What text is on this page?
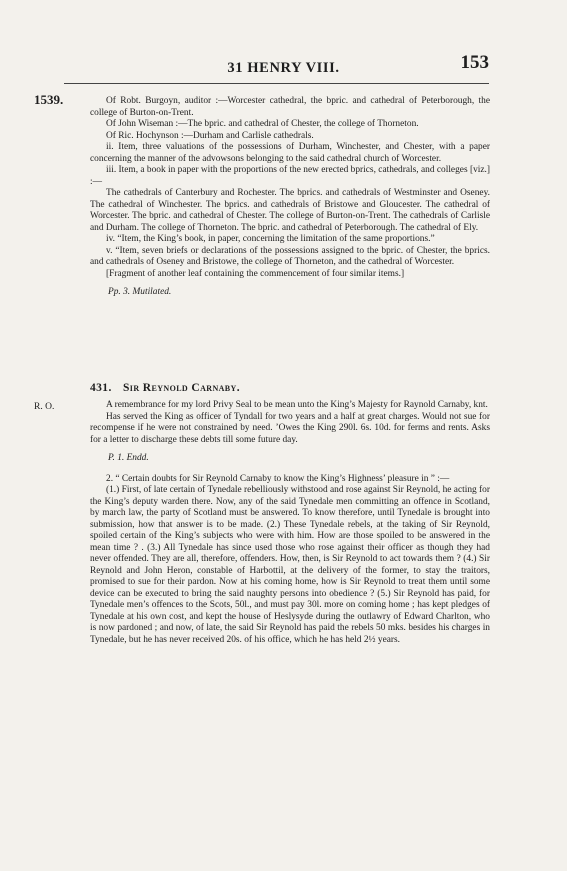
31 HENRY VIII.	153
1539.	Of Robt. Burgoyn, auditor :—Worcester cathedral, the bpric. and cathedral of Peterborough, the college of Burton-on-Trent.

Of John Wiseman :—The bpric. and cathedral of Chester, the college of Thorneton.

Of Ric. Hochynson :—Durham and Carlisle cathedrals.

ii. Item, three valuations of the possessions of Durham, Winchester, and Chester, with a paper concerning the manner of the advowsons belonging to the said cathedral church of Worcester.

iii. Item, a book in paper with the proportions of the new erected bprics, cathedrals, and colleges [viz.] :—

The cathedrals of Canterbury and Rochester. The bprics. and cathedrals of Westminster and Oseney. The cathedral of Winchester. The bprics. and cathedrals of Bristowe and Gloucester. The cathedral of Worcester. The bpric. and cathedral of Chester. The college of Burton-on-Trent. The cathedrals of Carlisle and Durham. The college of Thorneton. The bpric. and cathedral of Peterborough. The cathedral of Ely.

iv. “Item, the King’s book, in paper, concerning the limitation of the same proportions.”

v. “Item, seven briefs or declarations of the possessions assigned to the bpric. of Chester, the bprics. and cathedrals of Oseney and Bristowe, the college of Thorneton, and the cathedral of Worcester.

[Fragment of another leaf containing the commencement of four similar items.]

Pp. 3. Mutilated.

431. Sir Reynold Carnaby.
R. O.	A remembrance for my lord Privy Seal to be mean unto the King’s Majesty for Raynold Carnaby, knt.

Has served the King as officer of Tyndall for two years and a half at great charges. Would not sue for recompense if he were not constrained by need. ’Owes the King 290l. 6s. 10d. for ferms and rents. Asks for a letter to discharge these debts till some future day.

P. 1. Endd.

2. “ Certain doubts for Sir Reynold Carnaby to know the King’s Highness’ pleasure in ” :—

(1.) First, of late certain of Tynedale rebelliously withstood and rose against Sir Reynold, he acting for the King’s deputy warden there. Now, any of the said Tynedale men committing an offence in Scotland, by march law, the party of Scotland must be answered. To know therefore, until Tynedale is brought into submission, how that answer is to be made. (2.) These Tynedale rebels, at the taking of Sir Reynold, spoiled certain of the King’s subjects who were with him. How are those spoiled to be answered in the mean time ? . (3.) All Tynedale has since used those who rose against their officer as though they had never offended. They are all, therefore, offenders. How, then, is Sir Reynold to act towards them ? (4.) Sir Reynold and John Heron, constable of Harbottil, at the delivery of the former, to stay the traitors, promised to sue for their pardon. Now at his coming home, how is Sir Reynold to treat them until some device can be executed to bring the said naughty persons into obedience ? (5.) Sir Reynold has paid, for Tynedale men’s offences to the Scots, 50l., and must pay 30l. more on coming home ; has kept pledges of Tynedale at his own cost, and kept the house of Heslysyde during the outlawry of Edward Charlton, who is now pardoned ; and now, of late, the said Sir Reynold has paid the rebels 50 mks. besides his charges in Tynedale, but he has never received 20s. of his office, which he has held 2½ years.
